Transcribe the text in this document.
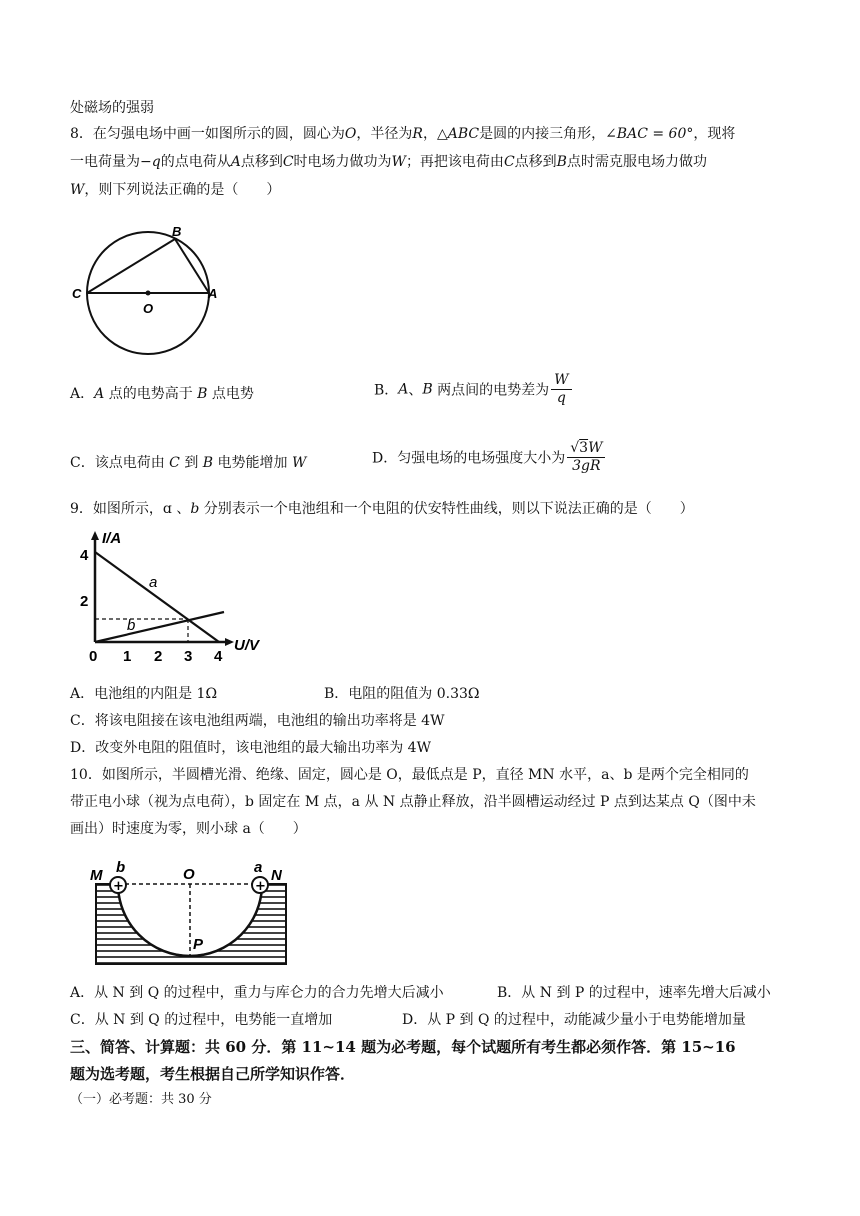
处磁场的强弱
8．在匀强电场中画一如图所示的圆，圆心为O，半径为R，△ABC是圆的内接三角形，∠BAC = 60°，现将
一电荷量为−q的点电荷从A点移到C时电场力做功为W；再把该电荷由C点移到B点时需克服电场力做功
W，则下列说法正确的是（　　）
B
C
O
A
A．A 点的电势高于 B 点电势	B．A、B 两点间的电势差为 $\frac{W}{q}$
C．该点电荷由 C 到 B 电势能增加 W	D．匀强电场的电场强度大小为 $\frac{√3W}{3gR}$
9．如图所示，ɑ 、b 分别表示一个电池组和一个电阻的伏安特性曲线，则以下说法正确的是（　　）
I/A
U/V
a
b
4
2
0 1 2 3 4
A．电池组的内阻是 1Ω	B．电阻的阻值为 0.33Ω
C．将该电阻接在该电池组两端，电池组的输出功率将是 4W
D．改变外电阻的阻值时，该电池组的最大输出功率为 4W
10．如图所示，半圆槽光滑、绝缘、固定，圆心是 O，最低点是 P，直径 MN 水平，a、b 是两个完全相同的
带正电小球（视为点电荷），b 固定在 M 点，a 从 N 点静止释放，沿半圆槽运动经过 P 点到达某点 Q（图中未
画出）时速度为零，则小球 a（　　）
+	+
M b	O	a N
P
A．从 N 到 Q 的过程中，重力与库仑力的合力先增大后减小	B．从 N 到 P 的过程中，速率先增大后减小
C．从 N 到 Q 的过程中，电势能一直增加	D．从 P 到 Q 的过程中，动能减少量小于电势能增加量
三、简答、计算题：共 60 分．第 11~14 题为必考题，每个试题所有考生都必须作答．第 15~16
题为选考题，考生根据自己所学知识作答．
（一）必考题：共 30 分
